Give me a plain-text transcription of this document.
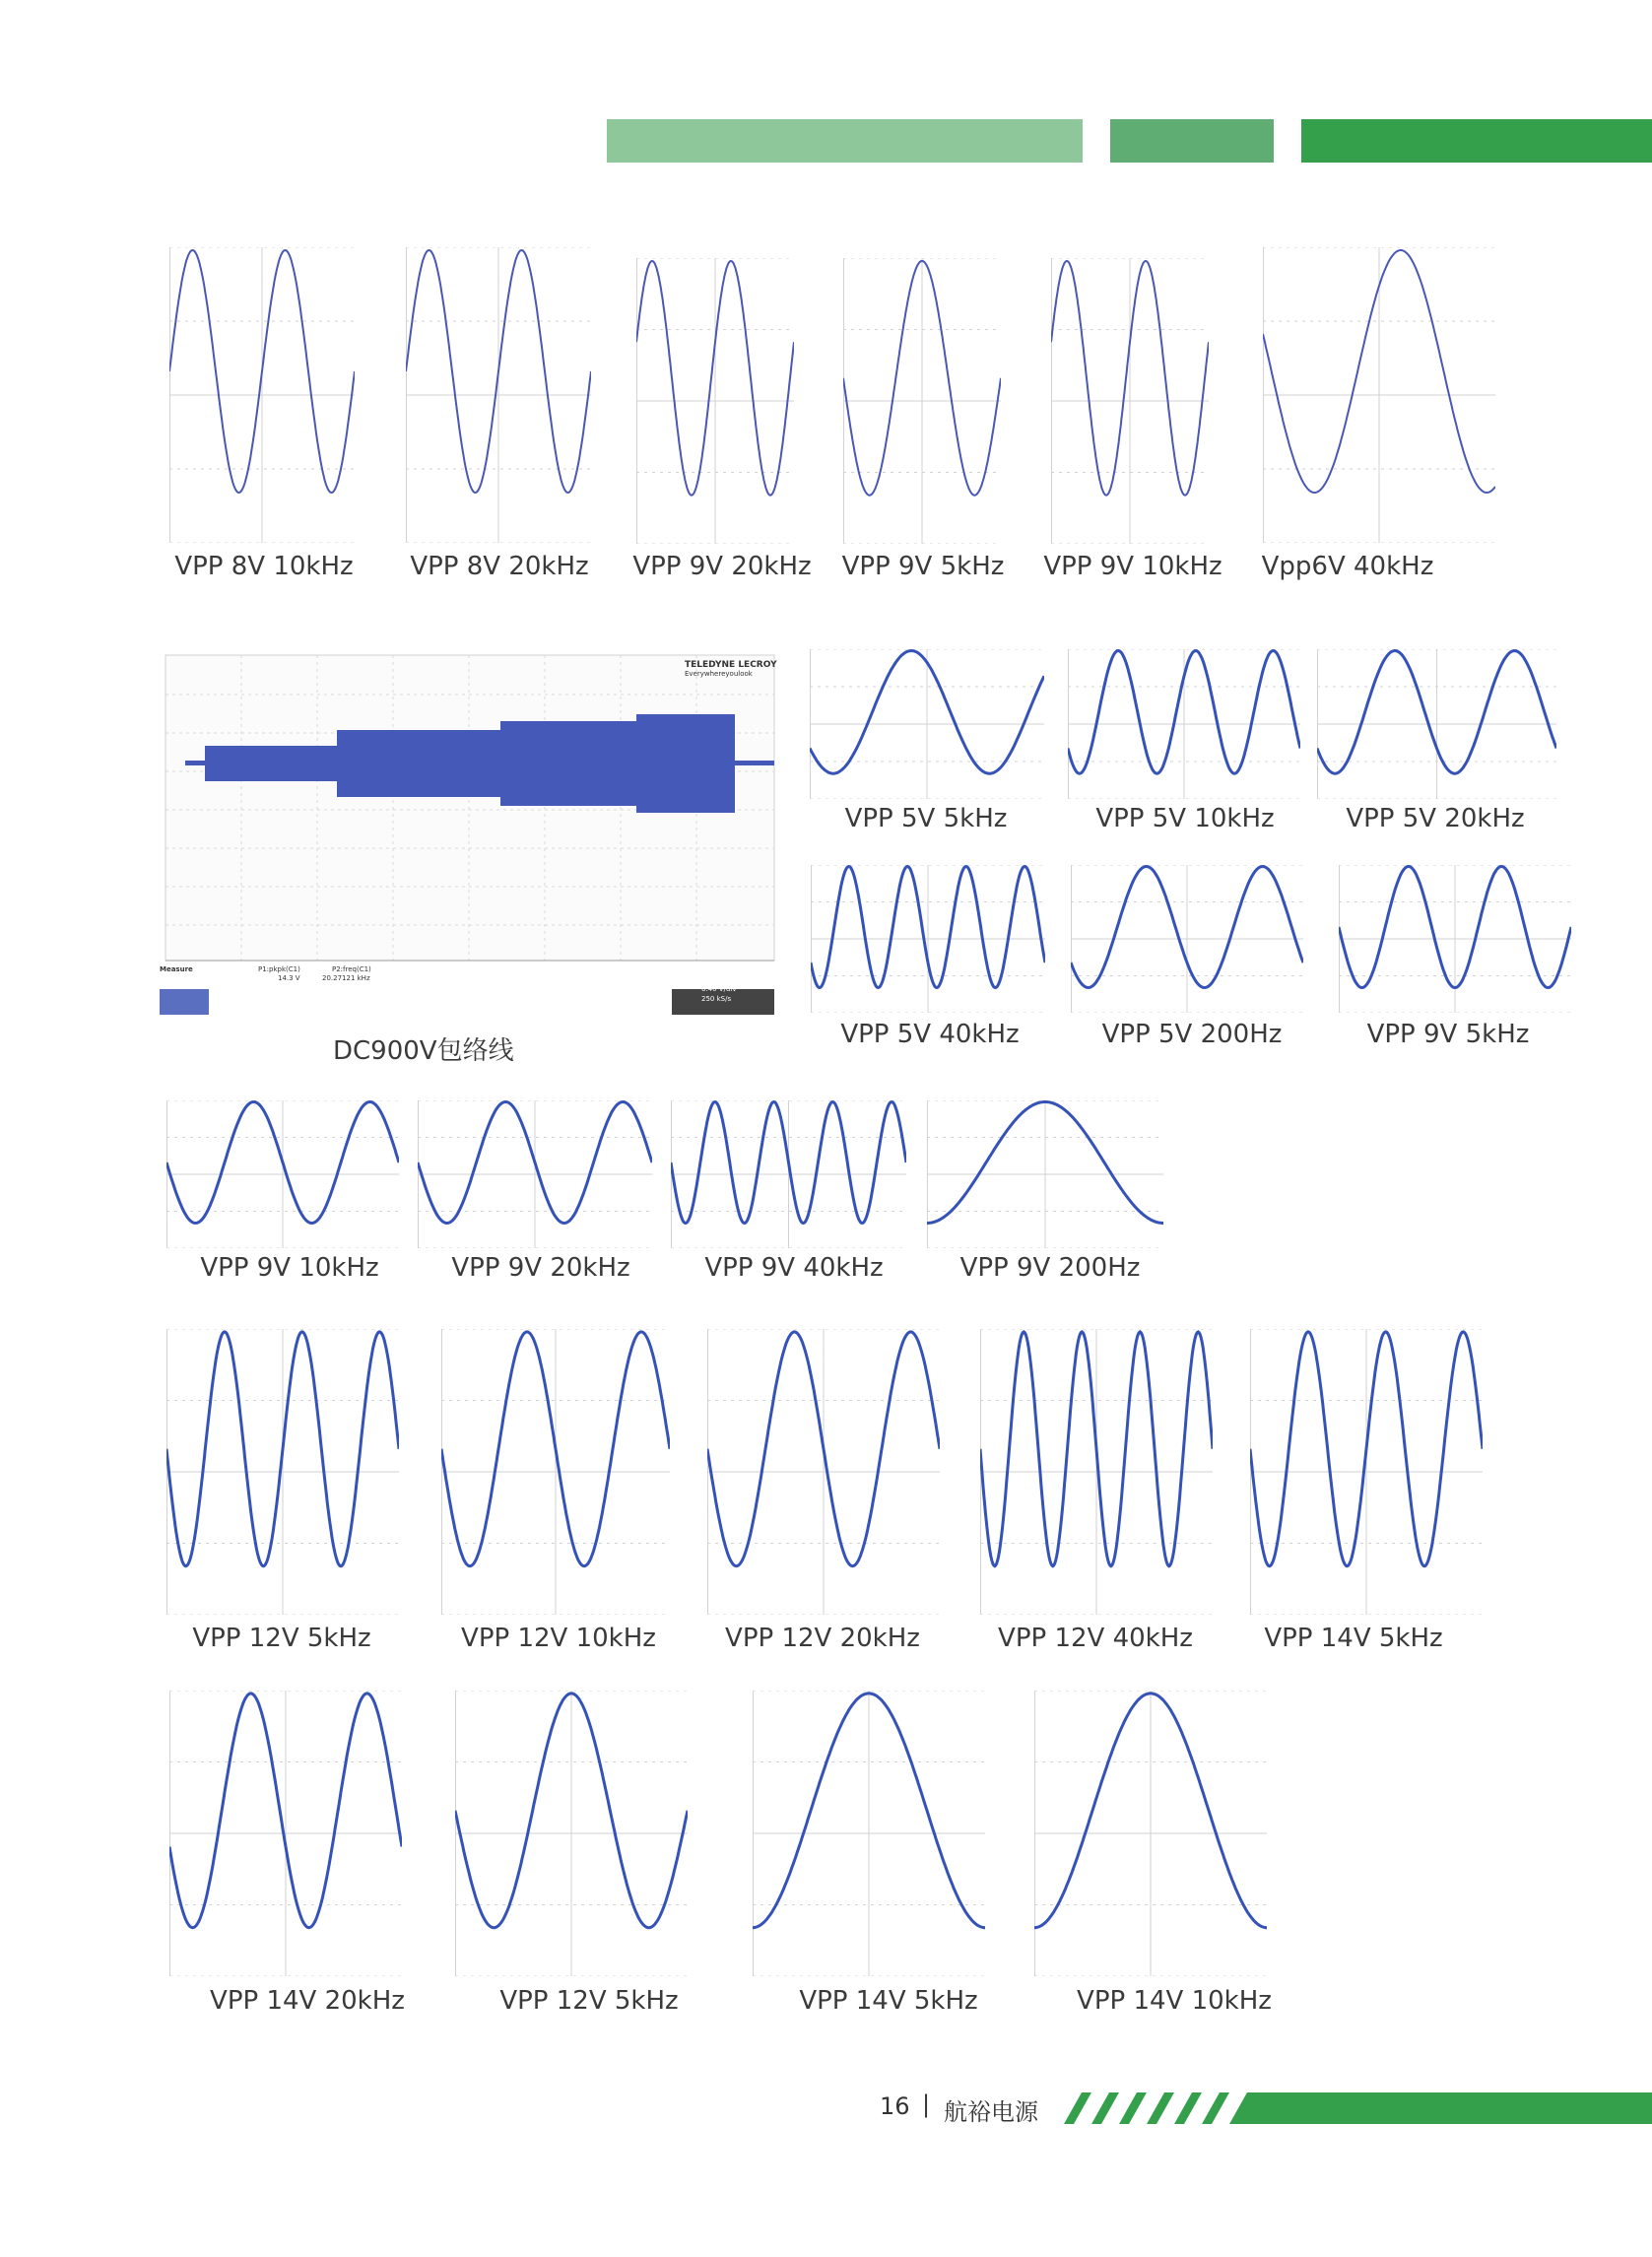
VPP 8V 10kHz VPP 8V 20kHz VPP 9V 20kHz VPP 9V 5kHz VPP 9V 10kHz Vpp6V 40kHz
VPP 5V 5kHz	VPP 5V 10kHz	VPP 5V 20kHz
VPP 5V 40kHz	VPP 5V 200Hz	VPP 9V 5kHz
VPP 9V 10kHz	VPP 9V 20kHz	VPP 9V 40kHz	VPP 9V 200Hz
VPP 12V 5kHz	VPP 12V 10kHz	VPP 12V 20kHz	VPP 12V 40kHz	VPP 14V 5kHz
VPP 14V 20kHz	VPP 12V 5kHz	VPP 14V 5kHz	VPP 14V 10kHz
TELEDYNE LECROY
Everywhereyoulook
Measure	P1:pkpk(C1)
14.3 V
P2:freq(C1)
20.27121 kHz
6.40 V/div
250 kS/s
DC900V包络线
16 | 航裕电源
